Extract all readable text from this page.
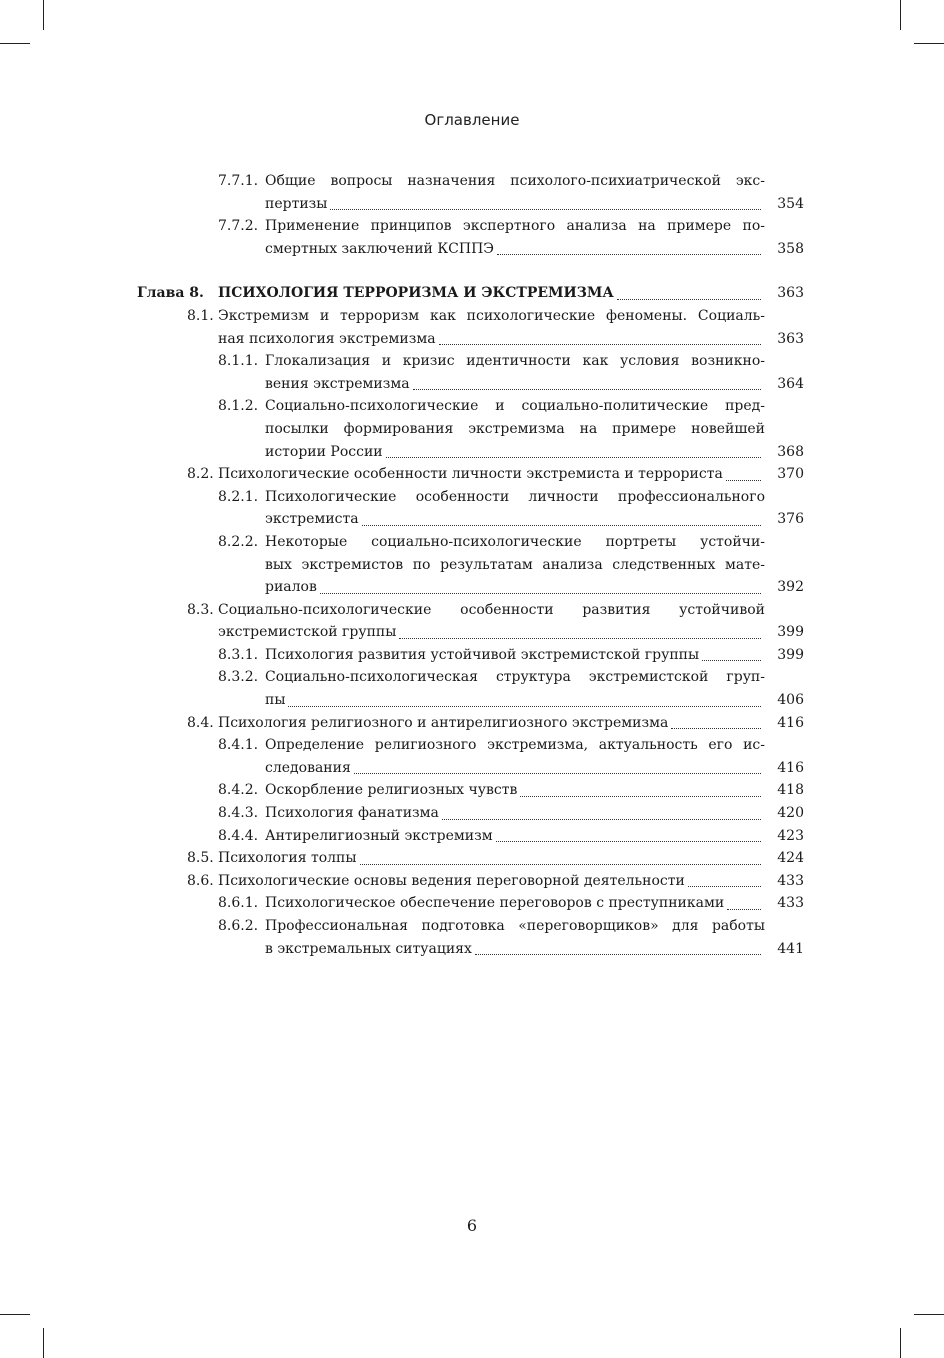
Оглавление
7.7.1. Общие вопросы назначения психолого-психиатрической экс-
пертизы	354
7.7.2. Применение принципов экспертного анализа на примере по-
смертных заключений КСППЭ	358
Глава 8. ПСИХОЛОГИЯ ТЕРРОРИЗМА И ЭКСТРЕМИЗМА	363
8.1. Экстремизм и терроризм как психологические феномены. Социаль-
ная психология экстремизма	363
8.1.1. Глокализация и кризис идентичности как условия возникно-
вения экстремизма	364
8.1.2. Социально-психологические и социально-политические пред-
посылки формирования экстремизма на примере новейшей
истории России	368
8.2. Психологические особенности личности экстремиста и террориста	370
8.2.1. Психологические особенности личности профессионального
экстремиста	376
8.2.2. Некоторые социально-психологические портреты устойчи-
вых экстремистов по результатам анализа следственных мате-
риалов	392
8.3. Социально-психологические особенности развития устойчивой
экстремистской группы	399
8.3.1. Психология развития устойчивой экстремистской группы	399
8.3.2. Социально-психологическая структура экстремистской груп-
пы	406
8.4. Психология религиозного и антирелигиозного экстремизма	416
8.4.1. Определение религиозного экстремизма, актуальность его ис-
следования	416
8.4.2. Оскорбление религиозных чувств	418
8.4.3. Психология фанатизма	420
8.4.4. Антирелигиозный экстремизм	423
8.5. Психология толпы	424
8.6. Психологические основы ведения переговорной деятельности	433
8.6.1. Психологическое обеспечение переговоров с преступниками	433
8.6.2. Профессиональная подготовка «переговорщиков» для работы
в экстремальных ситуациях	441
6
